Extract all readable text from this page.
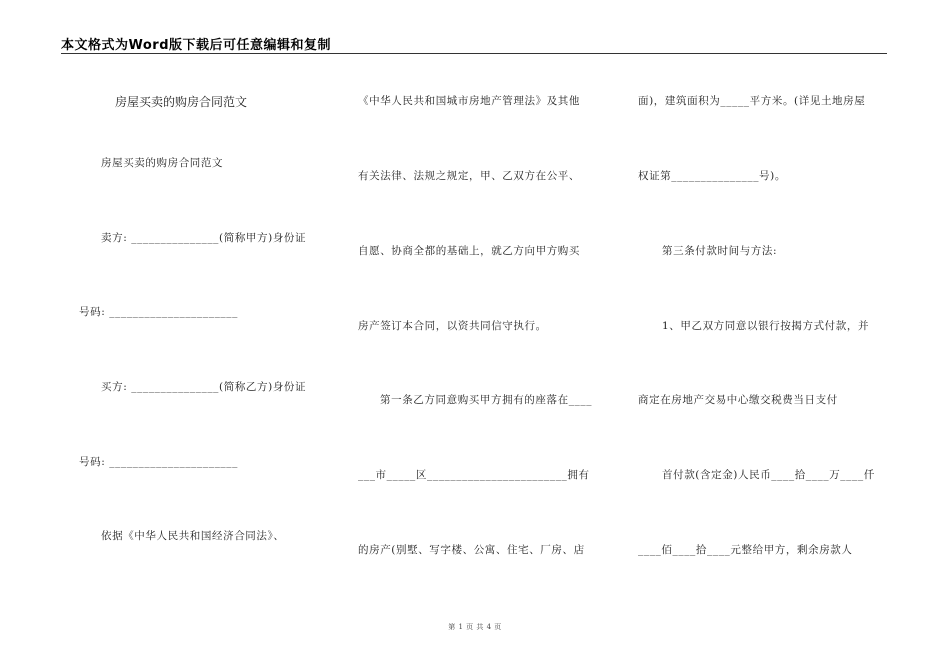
本文格式为Word版下载后可任意编辑和复制
房屋买卖的购房合同范文
房屋买卖的购房合同范文
卖方: _______________(简称甲方)身份证
号码: ______________________
买方: _______________(简称乙方)身份证
号码: ______________________
依据《中华人民共和国经济合同法》、
《中华人民共和国城市房地产管理法》及其他
有关法律、法规之规定，甲、乙双方在公平、
自愿、协商全都的基础上，就乙方向甲方购买
房产签订本合同，以资共同信守执行。
第一条乙方同意购买甲方拥有的座落在____
___市_____区________________________拥有
的房产(别墅、写字楼、公寓、住宅、厂房、店
面)，建筑面积为_____平方米。(详见土地房屋
权证第_______________号)。
第三条付款时间与方法:
1、甲乙双方同意以银行按揭方式付款，并
商定在房地产交易中心缴交税费当日支付
首付款(含定金)人民币____拾____万____仟
____佰____拾____元整给甲方，剩余房款人
第 1 页 共 4 页
